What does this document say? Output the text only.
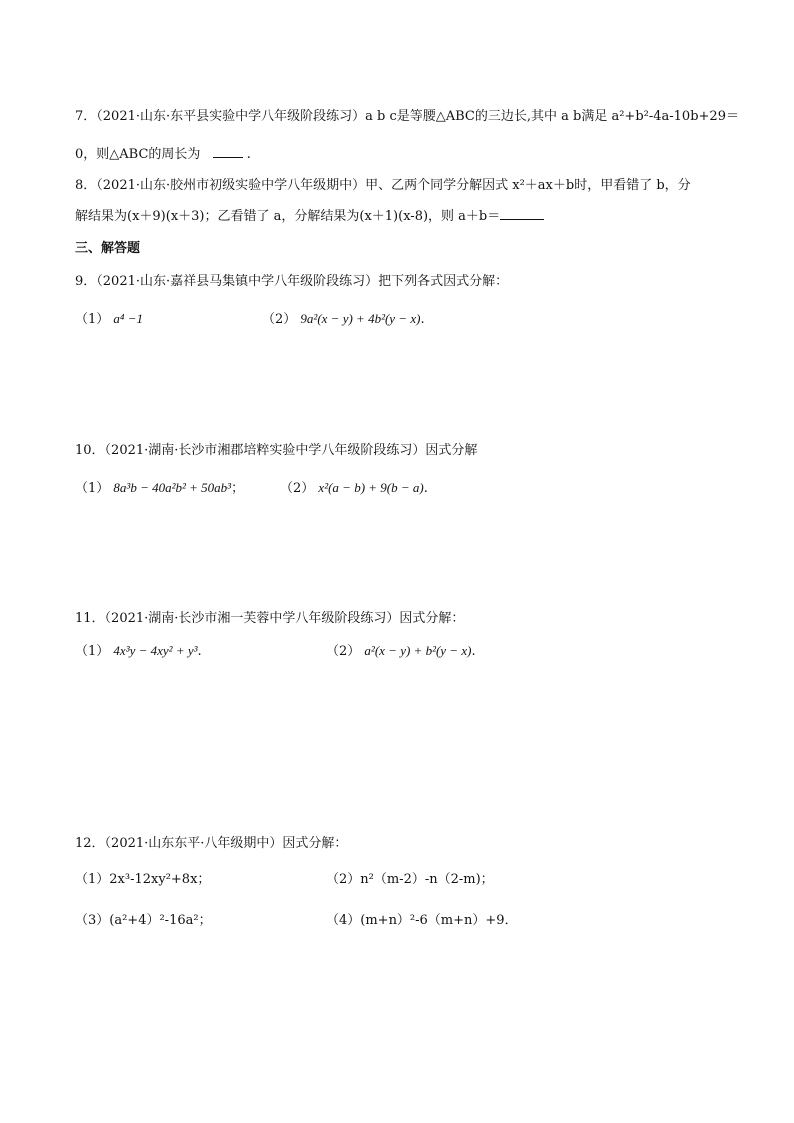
7．（2021·山东·东平县实验中学八年级阶段练习）a b c是等腰△ABC的三边长,其中 a b满足 a²+b²-4a-10b+29＝
0，则△ABC的周长为	.
8．（2021·山东·胶州市初级实验中学八年级期中）甲、乙两个同学分解因式 x²＋ax＋b时，甲看错了 b，分
解结果为(x＋9)(x＋3)；乙看错了 a，分解结果为(x＋1)(x-8)，则 a＋b＝
三、解答题
9．（2021·山东·嘉祥县马集镇中学八年级阶段练习）把下列各式因式分解：
（1） a⁴ −1	（2） 9a²(x − y) + 4b²(y − x).
10．（2021·湖南·长沙市湘郡培粹实验中学八年级阶段练习）因式分解
（1） 8a³b − 40a²b² + 50ab³；	（2） x²(a − b) + 9(b − a).
11．（2021·湖南·长沙市湘一芙蓉中学八年级阶段练习）因式分解：
（1） 4x³y − 4xy² + y³.	（2） a²(x − y) + b²(y − x).
12．（2021·山东东平·八年级期中）因式分解：
（1）2x³-12xy²+8x；	（2）n²（m-2）-n（2-m)；
（3）(a²+4）²-16a²；	（4）(m+n）²-6（m+n）+9．
